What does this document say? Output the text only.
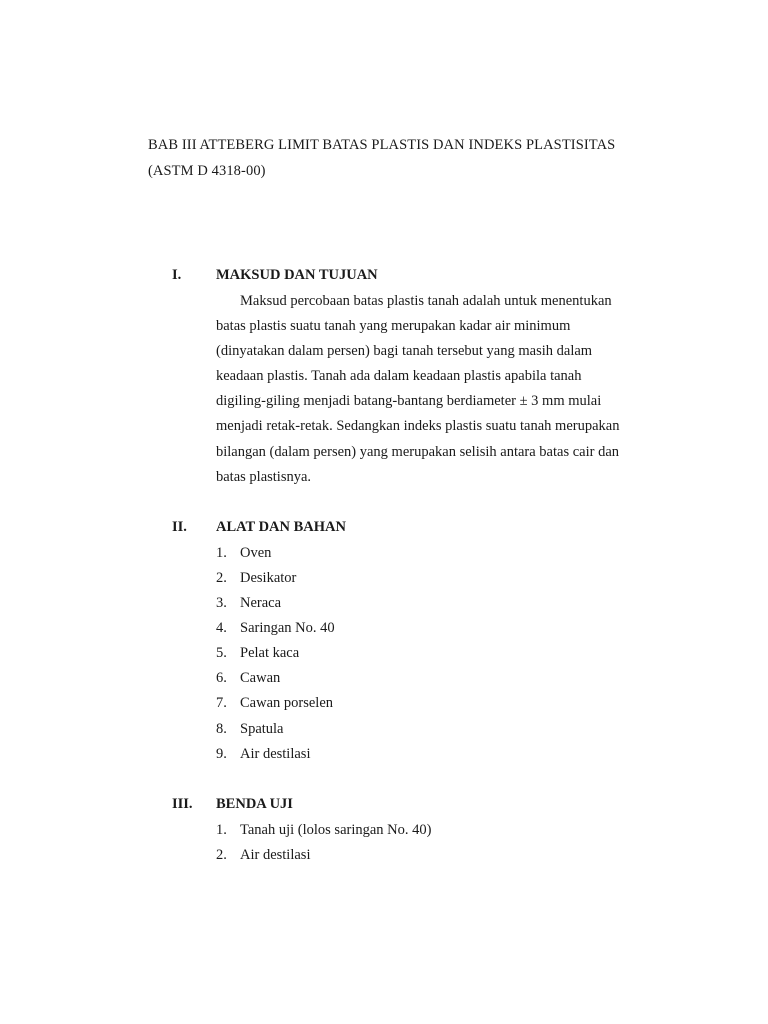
BAB III ATTEBERG LIMIT BATAS PLASTIS DAN INDEKS PLASTISITAS
(ASTM D 4318-00)
I. MAKSUD DAN TUJUAN
Maksud percobaan batas plastis tanah adalah untuk menentukan
batas plastis suatu tanah yang merupakan kadar air minimum
(dinyatakan dalam persen) bagi tanah tersebut yang masih dalam
keadaan plastis. Tanah ada dalam keadaan plastis apabila tanah
digiling-giling menjadi batang-bantang berdiameter ± 3 mm mulai
menjadi retak-retak. Sedangkan indeks plastis suatu tanah merupakan
bilangan (dalam persen) yang merupakan selisih antara batas cair dan
batas plastisnya.
II. ALAT DAN BAHAN
1. Oven
2. Desikator
3. Neraca
4. Saringan No. 40
5. Pelat kaca
6. Cawan
7. Cawan porselen
8. Spatula
9. Air destilasi
III. BENDA UJI
1. Tanah uji (lolos saringan No. 40)
2. Air destilasi
